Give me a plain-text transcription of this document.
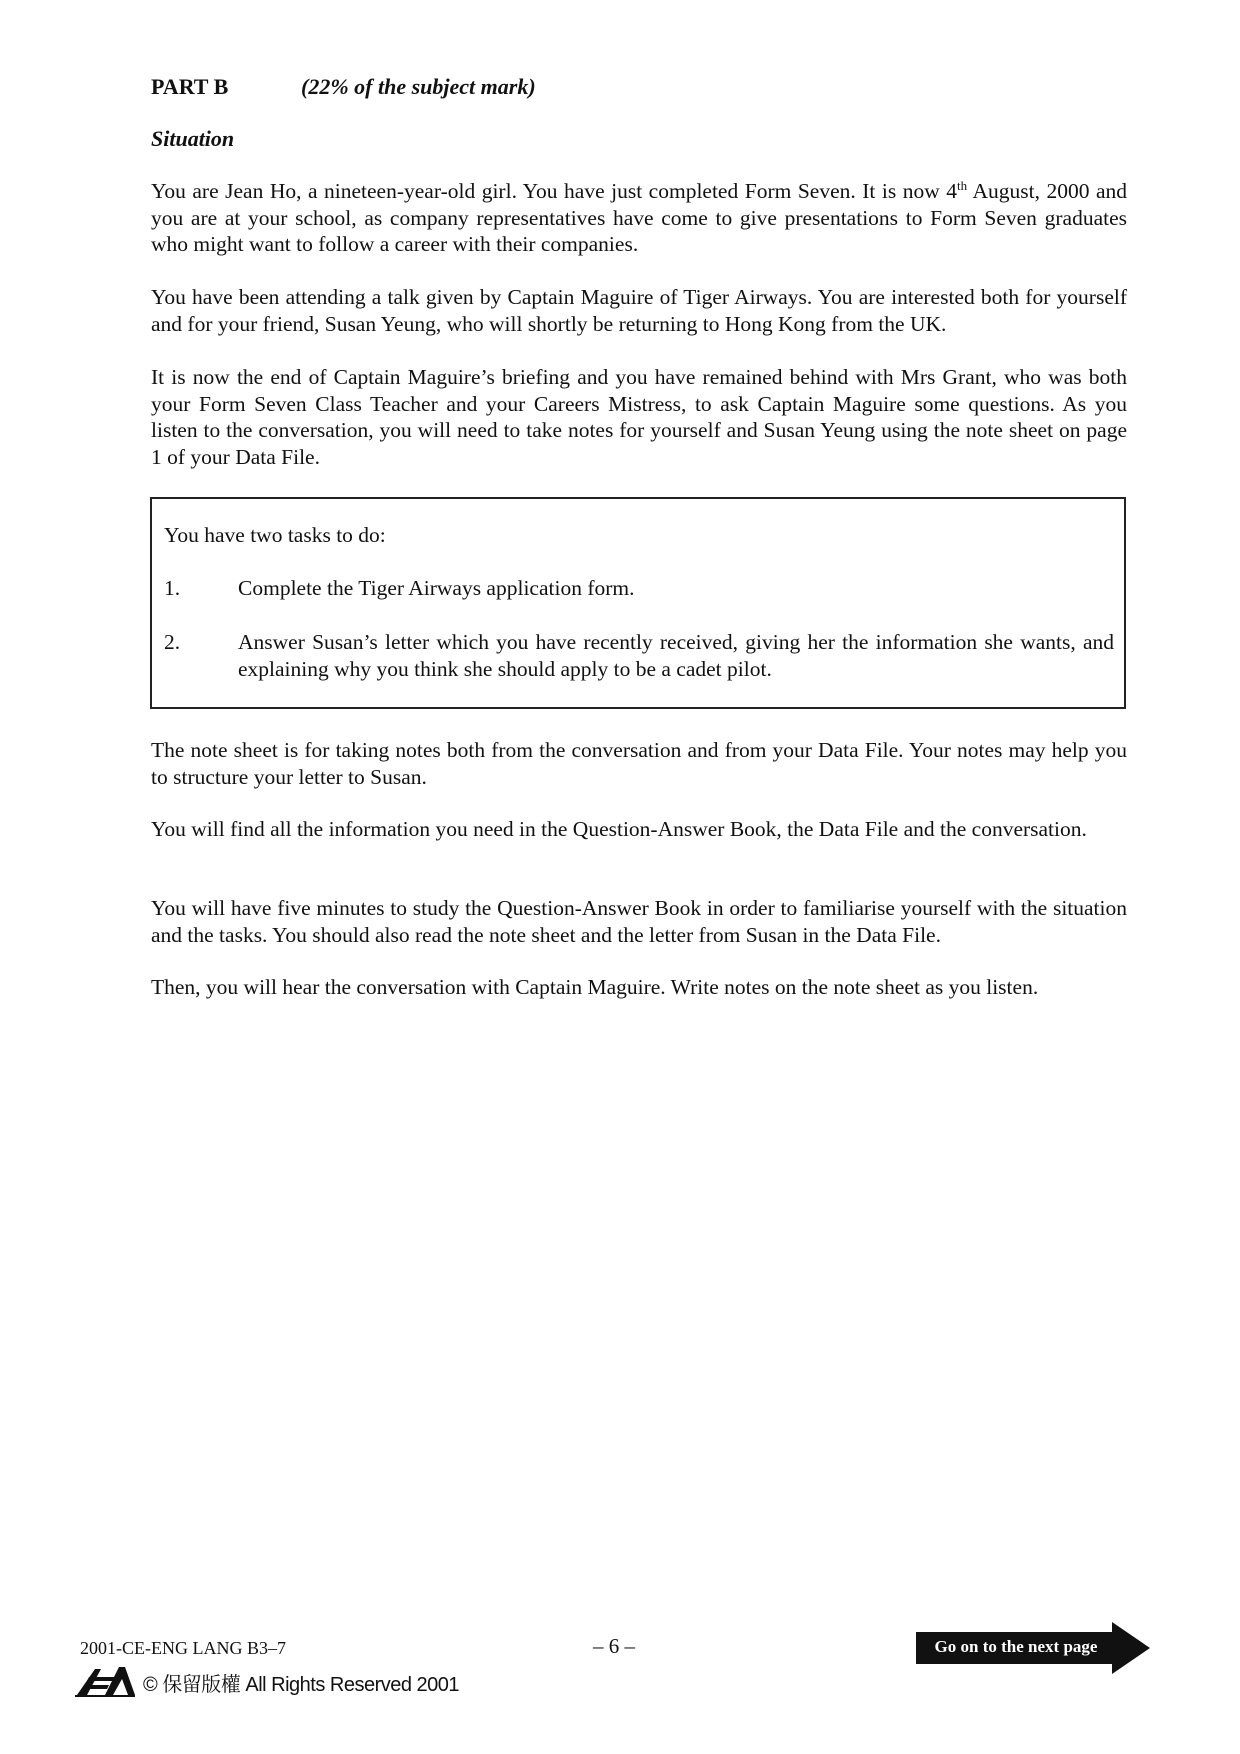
PART B	(22% of the subject mark)
Situation

You are Jean Ho, a nineteen-year-old girl. You have just completed Form Seven. It is now 4th August, 2000 and you are at your school, as company representatives have come to give presentations to Form Seven graduates who might want to follow a career with their companies.

You have been attending a talk given by Captain Maguire of Tiger Airways. You are interested both for yourself and for your friend, Susan Yeung, who will shortly be returning to Hong Kong from the UK.

It is now the end of Captain Maguire’s briefing and you have remained behind with Mrs Grant, who was both your Form Seven Class Teacher and your Careers Mistress, to ask Captain Maguire some questions. As you listen to the conversation, you will need to take notes for yourself and Susan Yeung using the note sheet on page 1 of your Data File.

You have two tasks to do:
1.	Complete the Tiger Airways application form.
2.	Answer Susan’s letter which you have recently received, giving her the information she wants, and explaining why you think she should apply to be a cadet pilot.

The note sheet is for taking notes both from the conversation and from your Data File. Your notes may help you to structure your letter to Susan.

You will find all the information you need in the Question-Answer Book, the Data File and the conversation.

You will have five minutes to study the Question-Answer Book in order to familiarise yourself with the situation and the tasks. You should also read the note sheet and the letter from Susan in the Data File.

Then, you will hear the conversation with Captain Maguire. Write notes on the note sheet as you listen.

2001-CE-ENG LANG B3–7	– 6 –
© 保留版權 All Rights Reserved 2001
Go on to the next page
